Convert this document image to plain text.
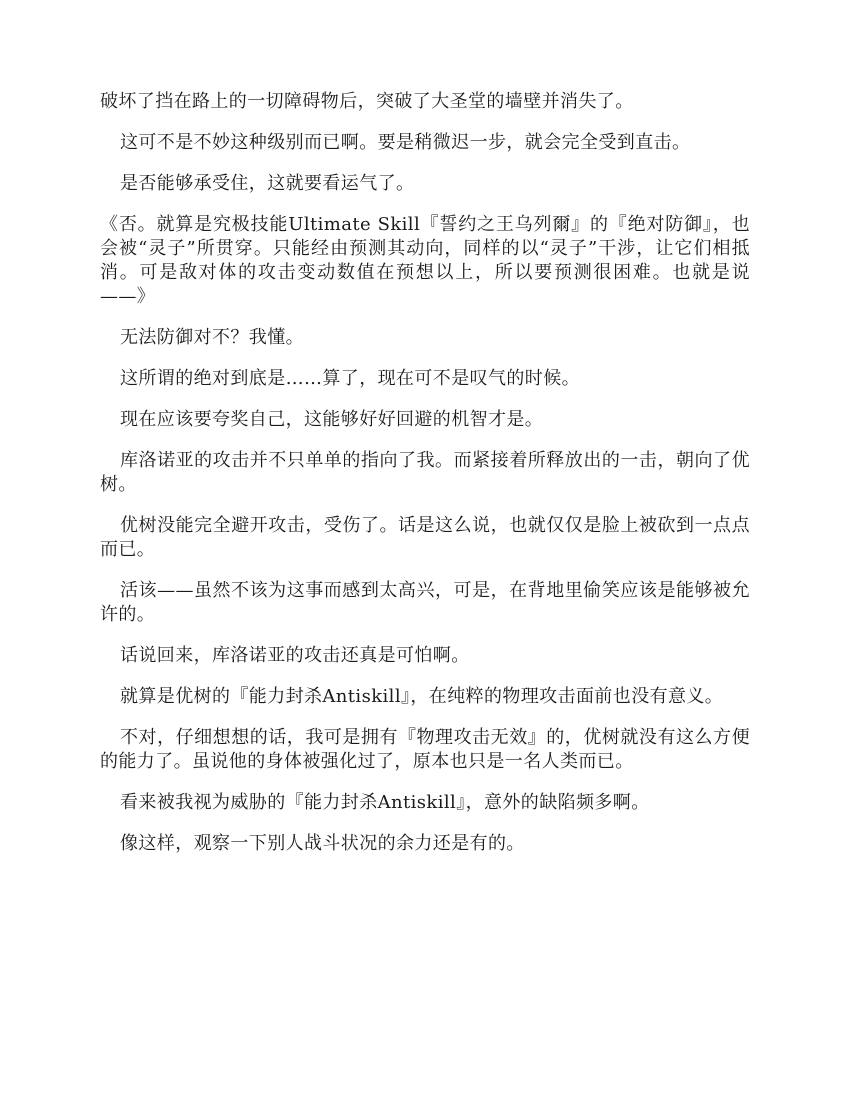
破坏了挡在路上的一切障碍物后，突破了大圣堂的墙壁并消失了。

这可不是不妙这种级别而已啊。要是稍微迟一步，就会完全受到直击。

是否能够承受住，这就要看运气了。

《否。就算是究极技能Ultimate Skill『誓约之王乌列爾』的『绝对防御』，也会被“灵子”所贯穿。只能经由预测其动向，同样的以“灵子”干涉，让它们相抵消。可是敌对体的攻击变动数值在预想以上，所以要预测很困难。也就是说——》

无法防御对不？我懂。

这所谓的绝对到底是……算了，现在可不是叹气的时候。

现在应该要夸奖自己，这能够好好回避的机智才是。

库洛诺亚的攻击并不只单单的指向了我。而紧接着所释放出的一击，朝向了优树。

优树没能完全避开攻击，受伤了。话是这么说，也就仅仅是脸上被砍到一点点而已。

活该——虽然不该为这事而感到太高兴，可是，在背地里偷笑应该是能够被允许的。

话说回来，库洛诺亚的攻击还真是可怕啊。

就算是优树的『能力封杀Antiskill』，在纯粹的物理攻击面前也没有意义。

不对，仔细想想的话，我可是拥有『物理攻击无效』的，优树就没有这么方便的能力了。虽说他的身体被强化过了，原本也只是一名人类而已。

看来被我视为威胁的『能力封杀Antiskill』，意外的缺陷频多啊。

像这样，观察一下别人战斗状况的余力还是有的。
